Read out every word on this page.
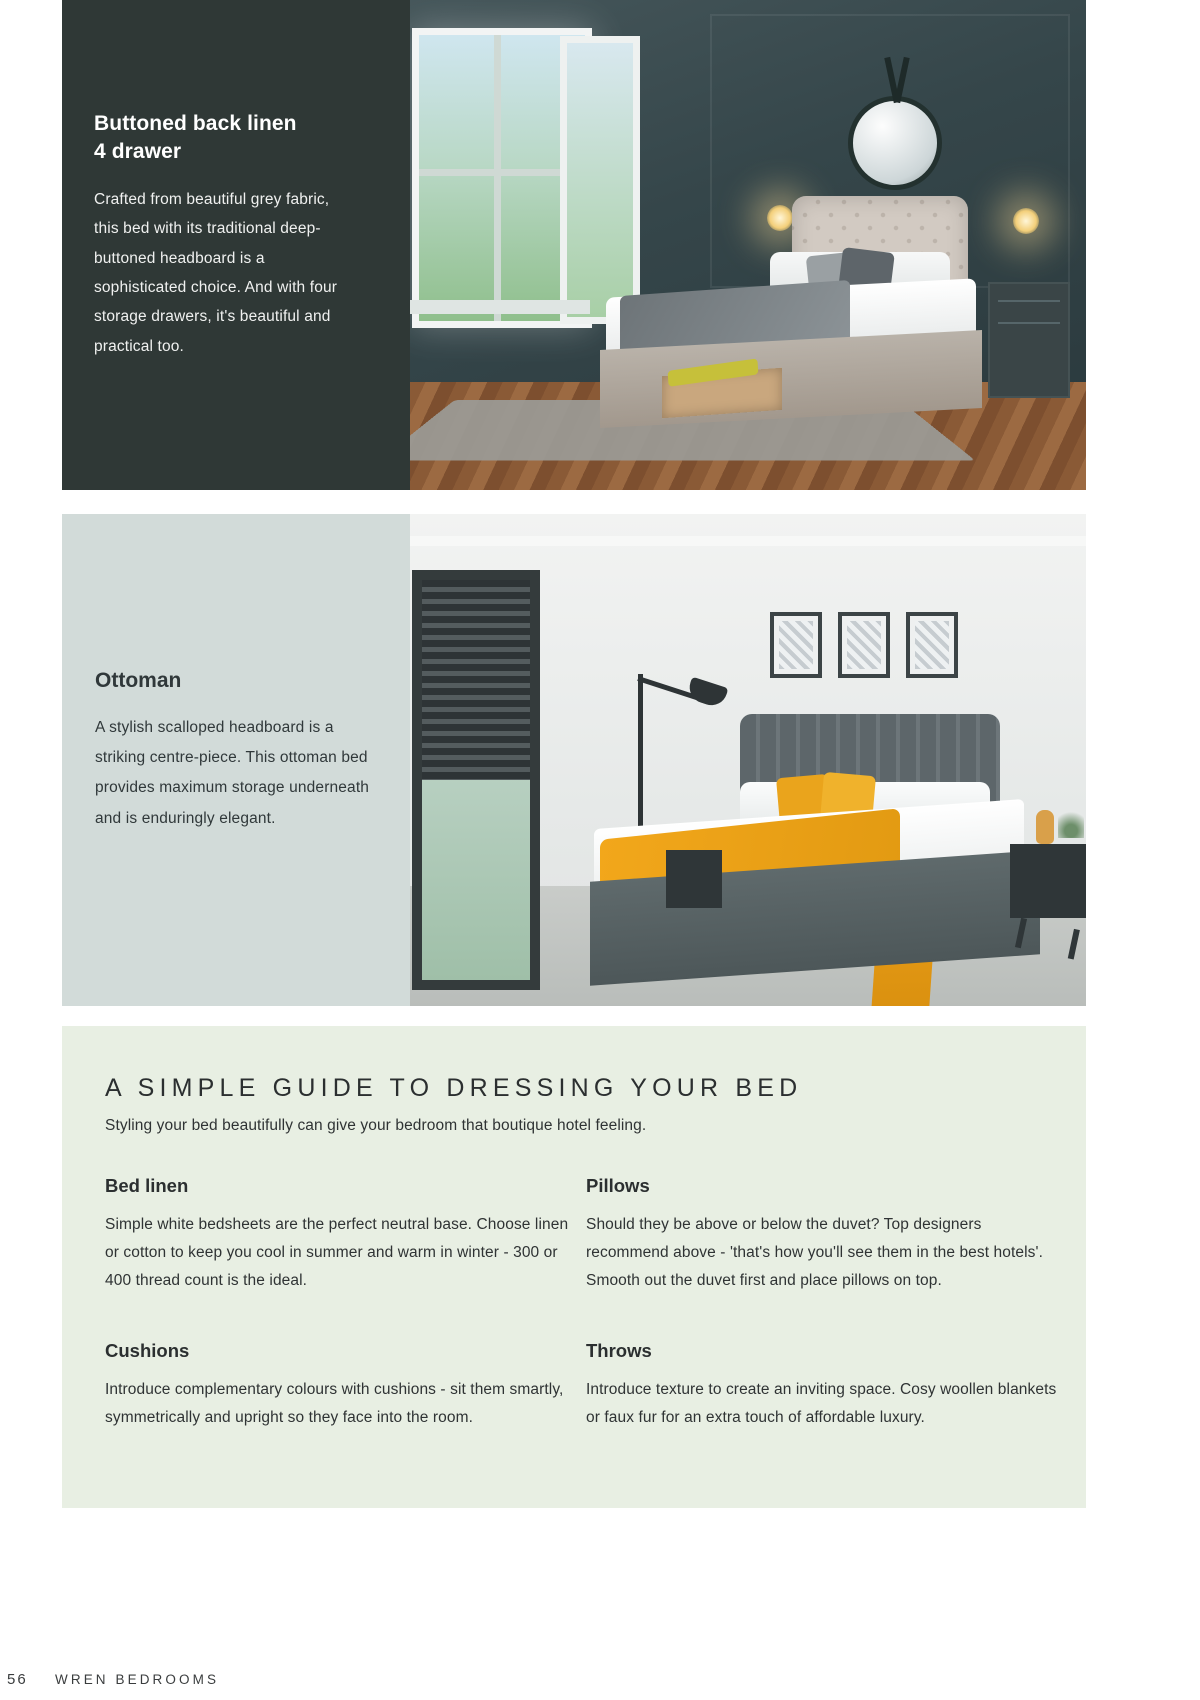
Buttoned back linen
4 drawer

Crafted from beautiful grey fabric, this bed with its traditional deep-buttoned headboard is a sophisticated choice. And with four storage drawers, it's beautiful and practical too.

Ottoman

A stylish scalloped headboard is a striking centre-piece. This ottoman bed provides maximum storage underneath and is enduringly elegant.

A SIMPLE GUIDE TO DRESSING YOUR BED

Styling your bed beautifully can give your bedroom that boutique hotel feeling.

Bed linen

Simple white bedsheets are the perfect neutral base. Choose linen or cotton to keep you cool in summer and warm in winter - 300 or 400 thread count is the ideal.

Pillows

Should they be above or below the duvet? Top designers recommend above - 'that's how you'll see them in the best hotels'. Smooth out the duvet first and place pillows on top.

Cushions

Introduce complementary colours with cushions - sit them smartly, symmetrically and upright so they face into the room.

Throws

Introduce texture to create an inviting space. Cosy woollen blankets or faux fur for an extra touch of affordable luxury.

56	WREN BEDROOMS
